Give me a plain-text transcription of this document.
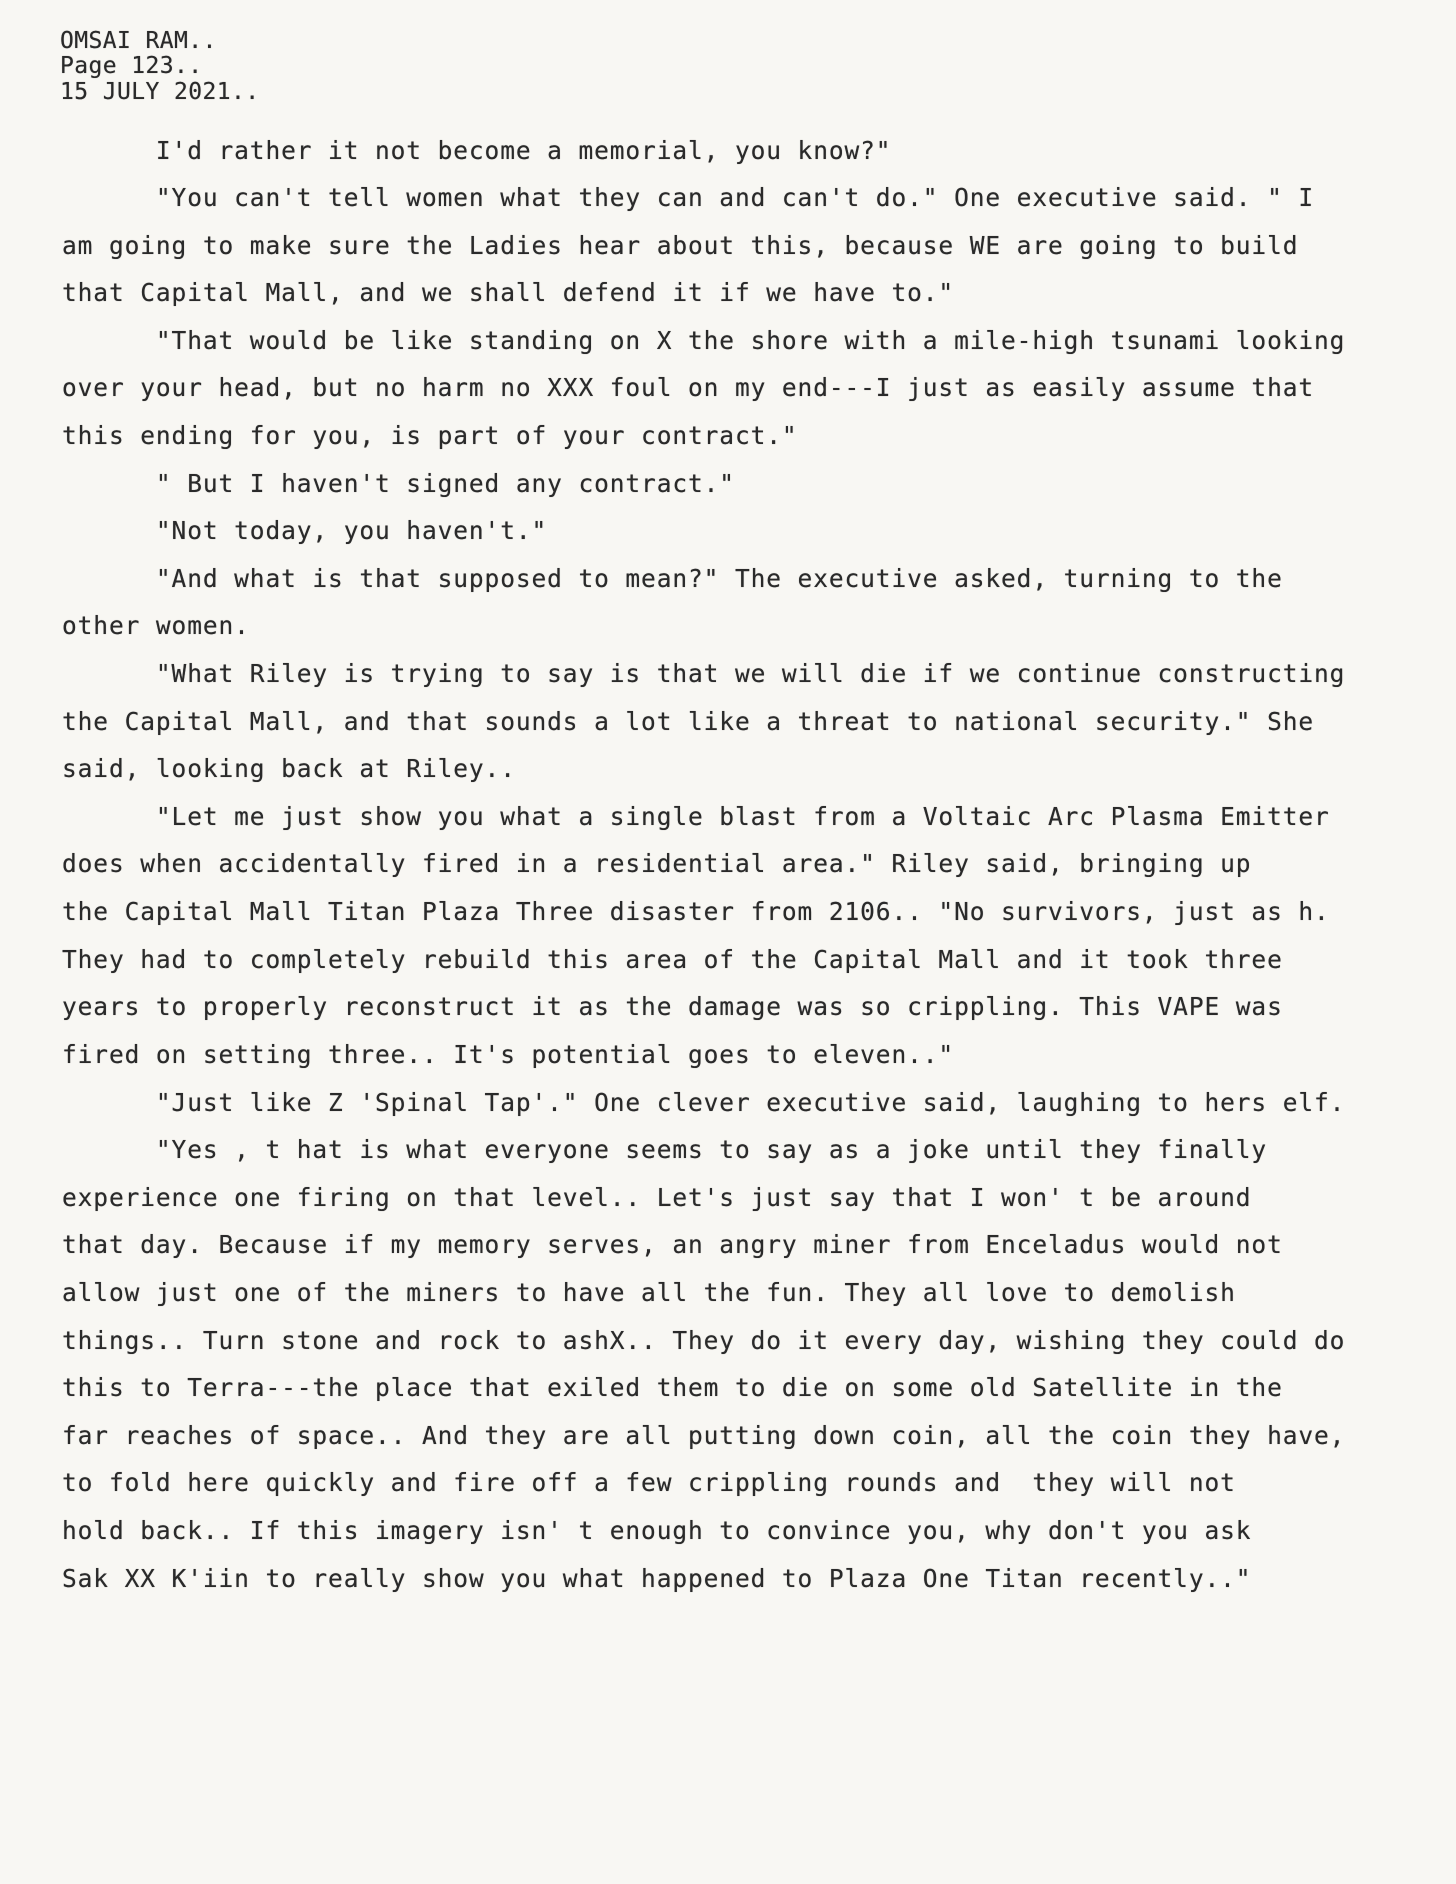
OMSAI RAM..
Page 123..
15 JULY 2021..
I'd rather it not become a memorial, you know?"
"You can't tell women what they can and can't do." One executive said. " I
am going to make sure the Ladies hear about this, because WE are going to build
that Capital Mall, and we shall defend it if we have to."
"That would be like standing on X the shore with a mile-high tsunami looking
over your head, but no harm no XXX foul on my end---I just as easily assume that
this ending for you, is part of your contract."
" But I haven't signed any contract."
"Not today, you haven't."
"And what is that supposed to mean?" The executive asked, turning to the
other women.
"What Riley is trying to say is that we will die if we continue constructing
the Capital Mall, and that sounds a lot like a threat to national security." She
said, looking back at Riley..
"Let me just show you what a single blast from a Voltaic Arc Plasma Emitter
does when accidentally fired in a residential area." Riley said, bringing up
the Capital Mall Titan Plaza Three disaster from 2106.. "No survivors, just as h.
They had to completely rebuild this area of the Capital Mall and it took three
years to properly reconstruct it as the damage was so crippling. This VAPE was
fired on setting three.. It's potential goes to eleven.."
"Just like Z 'Spinal Tap'." One clever executive said, laughing to hers elf.
"Yes , t hat is what everyone seems to say as a joke until they finally
experience one firing on that level.. Let's just say that I won' t be around
that day. Because if my memory serves, an angry miner from Enceladus would not
allow just one of the miners to have all the fun. They all love to demolish
things.. Turn stone and rock to ashX.. They do it every day, wishing they could do
this to Terra---the place that exiled them to die on some old Satellite in the
far reaches of space.. And they are all putting down coin, all the coin they have,
to fold here quickly and fire off a few crippling rounds and  they will not
hold back.. If this imagery isn' t enough to convince you, why don't you ask
Sak XX K'iin to really show you what happened to Plaza One Titan recently.."
